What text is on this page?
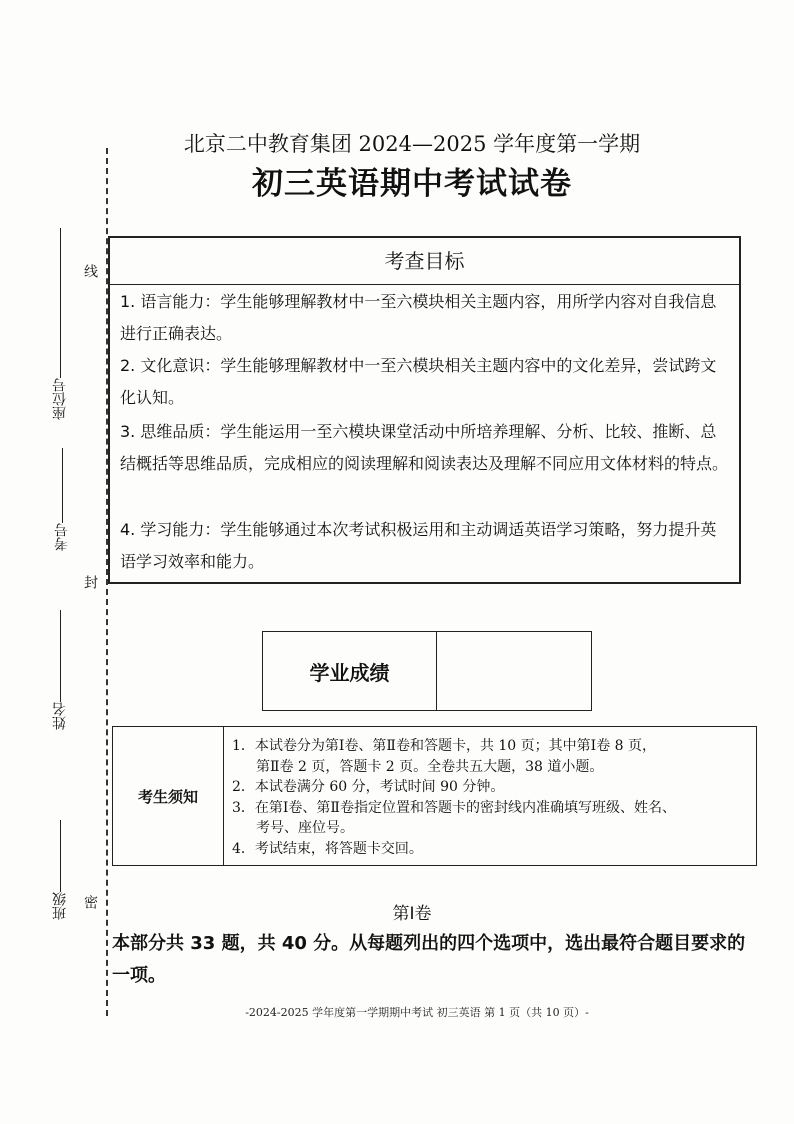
座位号
考号
姓名
班级
线
封
密
北京二中教育集团 2024—2025 学年度第一学期
初三英语期中考试试卷
考查目标
1. 语言能力：学生能够理解教材中一至六模块相关主题内容，用所学内容对自我信息进行正确表达。
2. 文化意识：学生能够理解教材中一至六模块相关主题内容中的文化差异，尝试跨文化认知。
3. 思维品质：学生能运用一至六模块课堂活动中所培养理解、分析、比较、推断、总结概括等思维品质，完成相应的阅读理解和阅读表达及理解不同应用文体材料的特点。
4. 学习能力：学生能够通过本次考试积极运用和主动调适英语学习策略，努力提升英语学习效率和能力。
学业成绩
考生须知
1．本试卷分为第Ⅰ卷、第Ⅱ卷和答题卡，共 10 页；其中第Ⅰ卷 8 页，
第Ⅱ卷 2 页，答题卡 2 页。全卷共五大题，38 道小题。
2．本试卷满分 60 分，考试时间 90 分钟。
3．在第Ⅰ卷、第Ⅱ卷指定位置和答题卡的密封线内准确填写班级、姓名、
考号、座位号。
4．考试结束，将答题卡交回。
第Ⅰ卷
本部分共 33 题，共 40 分。从每题列出的四个选项中，选出最符合题目要求的一项。
-2024-2025 学年度第一学期期中考试 初三英语 第 1 页（共 10 页）-
